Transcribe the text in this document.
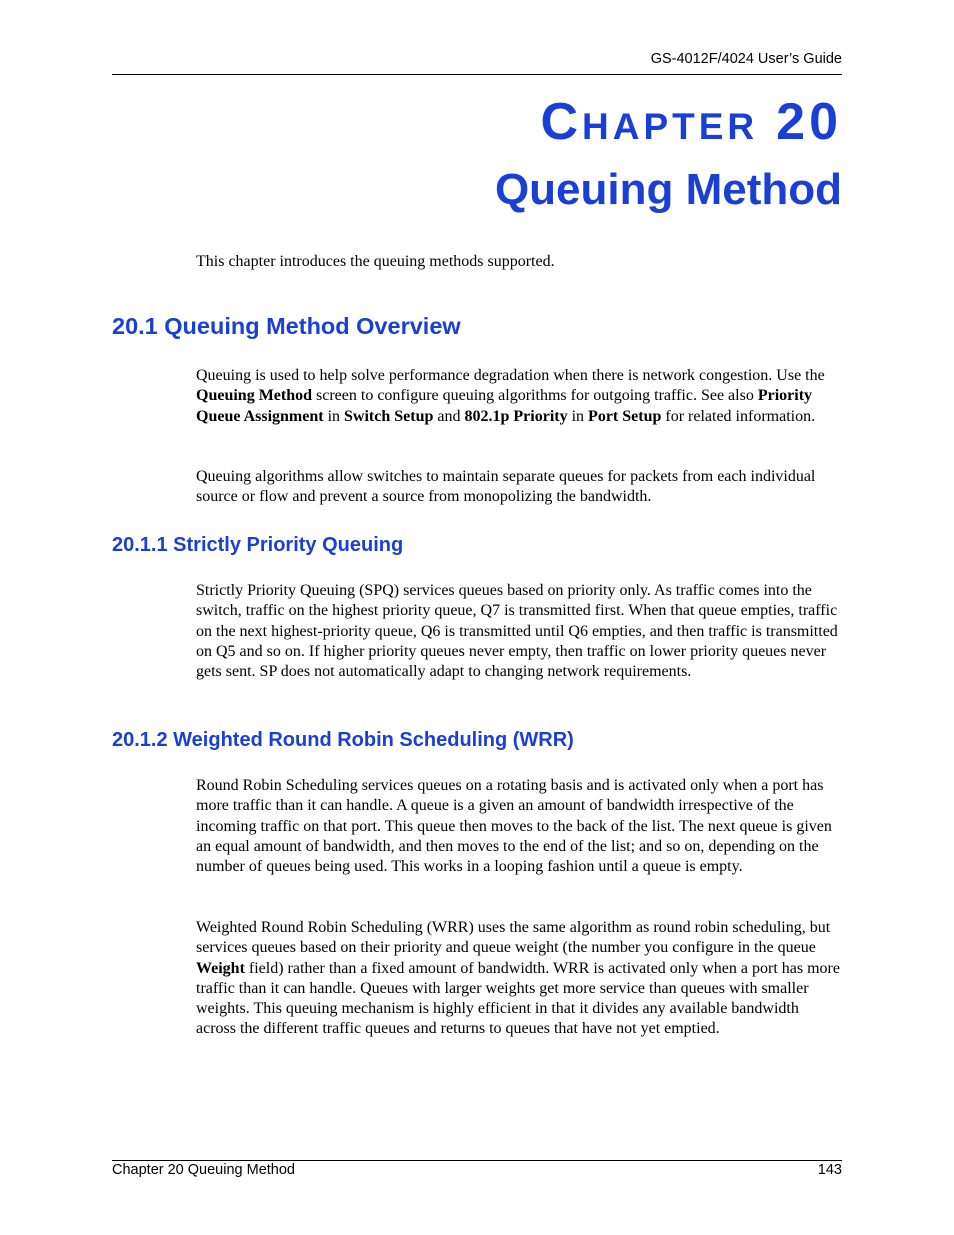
GS-4012F/4024 User’s Guide
CHAPTER 20
Queuing Method

This chapter introduces the queuing methods supported.

20.1 Queuing Method Overview

Queuing is used to help solve performance degradation when there is network congestion. Use the Queuing Method screen to configure queuing algorithms for outgoing traffic. See also Priority Queue Assignment in Switch Setup and 802.1p Priority in Port Setup for related information.

Queuing algorithms allow switches to maintain separate queues for packets from each individual source or flow and prevent a source from monopolizing the bandwidth.

20.1.1 Strictly Priority Queuing

Strictly Priority Queuing (SPQ) services queues based on priority only. As traffic comes into the switch, traffic on the highest priority queue, Q7 is transmitted first. When that queue empties, traffic on the next highest-priority queue, Q6 is transmitted until Q6 empties, and then traffic is transmitted on Q5 and so on. If higher priority queues never empty, then traffic on lower priority queues never gets sent. SP does not automatically adapt to changing network requirements.

20.1.2 Weighted Round Robin Scheduling (WRR)

Round Robin Scheduling services queues on a rotating basis and is activated only when a port has more traffic than it can handle. A queue is a given an amount of bandwidth irrespective of the incoming traffic on that port. This queue then moves to the back of the list. The next queue is given an equal amount of bandwidth, and then moves to the end of the list; and so on, depending on the number of queues being used. This works in a looping fashion until a queue is empty.

Weighted Round Robin Scheduling (WRR) uses the same algorithm as round robin scheduling, but services queues based on their priority and queue weight (the number you configure in the queue Weight field) rather than a fixed amount of bandwidth. WRR is activated only when a port has more traffic than it can handle. Queues with larger weights get more service than queues with smaller weights. This queuing mechanism is highly efficient in that it divides any available bandwidth across the different traffic queues and returns to queues that have not yet emptied.

Chapter 20 Queuing Method	143
